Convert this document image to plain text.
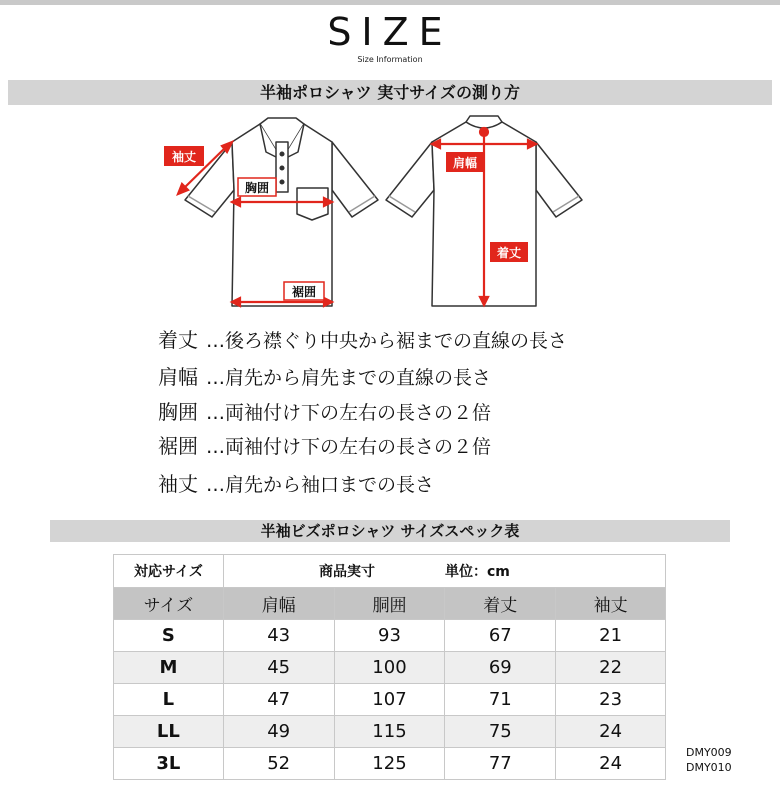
SIZE
Size Information
半袖ポロシャツ 実寸サイズの測り方
袖丈
胸囲
裾囲
肩幅
着丈
着丈 …後ろ襟ぐり中央から裾までの直線の長さ
肩幅 …肩先から肩先までの直線の長さ
胸囲 …両袖付け下の左右の長さの２倍
裾囲 …両袖付け下の左右の長さの２倍
袖丈 …肩先から袖口までの長さ
半袖ビズポロシャツ サイズスペック表
対応サイズ	商品実寸 単位：cm			
サイズ	肩幅	胴囲	着丈	袖丈
S	43	93	67	21
M	45	100	69	22
L	47	107	71	23
LL	49	115	75	24
3L	52	125	77	24
DMY009
DMY010
